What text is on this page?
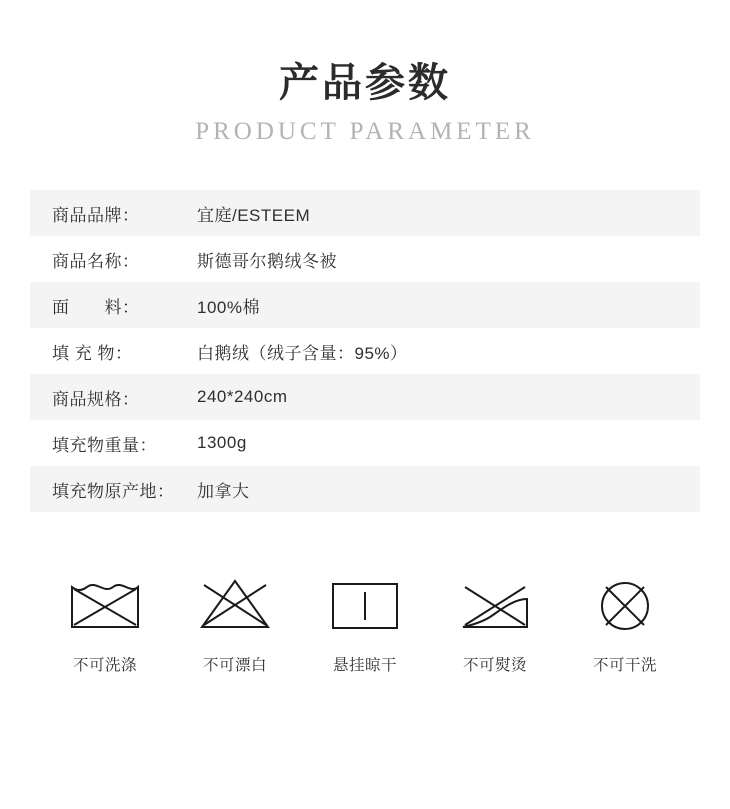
产品参数
PRODUCT PARAMETER
商品品牌：	宜庭/ESTEEM
商品名称：	斯德哥尔鹅绒冬被
面　　料：	100%棉
填 充 物：	白鹅绒（绒子含量：95%）
商品规格：	240*240cm
填充物重量：	1300g
填充物原产地：	加拿大
不可洗涤	不可漂白	悬挂晾干	不可熨烫	不可干洗
